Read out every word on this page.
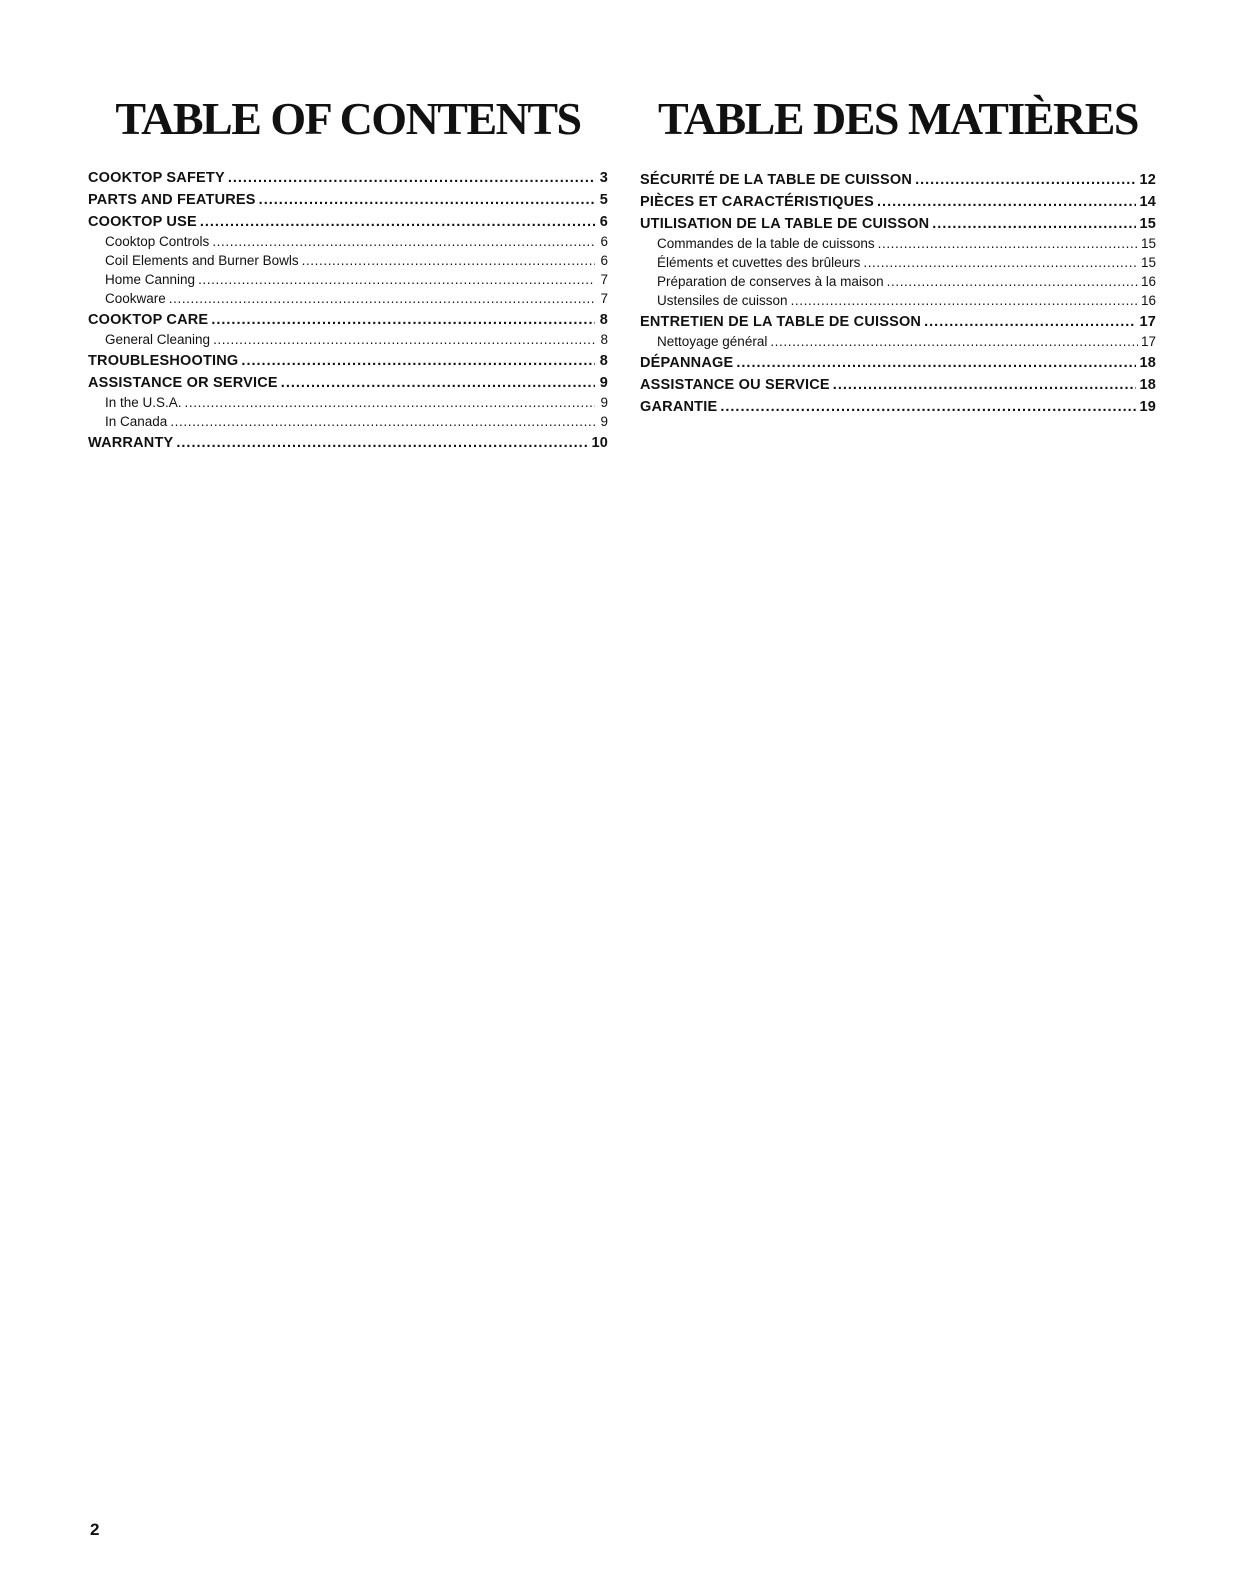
TABLE OF CONTENTS
COOKTOP SAFETY .....	3
PARTS AND FEATURES .....	5
COOKTOP USE .....	6
Cooktop Controls .....	6
Coil Elements and Burner Bowls .....	6
Home Canning .....	7
Cookware .....	7
COOKTOP CARE .....	8
General Cleaning .....	8
TROUBLESHOOTING .....	8
ASSISTANCE OR SERVICE .....	9
In the U.S.A. .....	9
In Canada .....	9
WARRANTY .....	10
TABLE DES MATIÈRES
SÉCURITÉ DE LA TABLE DE CUISSON .....	12
PIÈCES ET CARACTÉRISTIQUES .....	14
UTILISATION DE LA TABLE DE CUISSON .....	15
Commandes de la table de cuissons .....	15
Éléments et cuvettes des brûleurs .....	15
Préparation de conserves à la maison .....	16
Ustensiles de cuisson .....	16
ENTRETIEN DE LA TABLE DE CUISSON .....	17
Nettoyage général .....	17
DÉPANNAGE .....	18
ASSISTANCE OU SERVICE .....	18
GARANTIE .....	19
2
